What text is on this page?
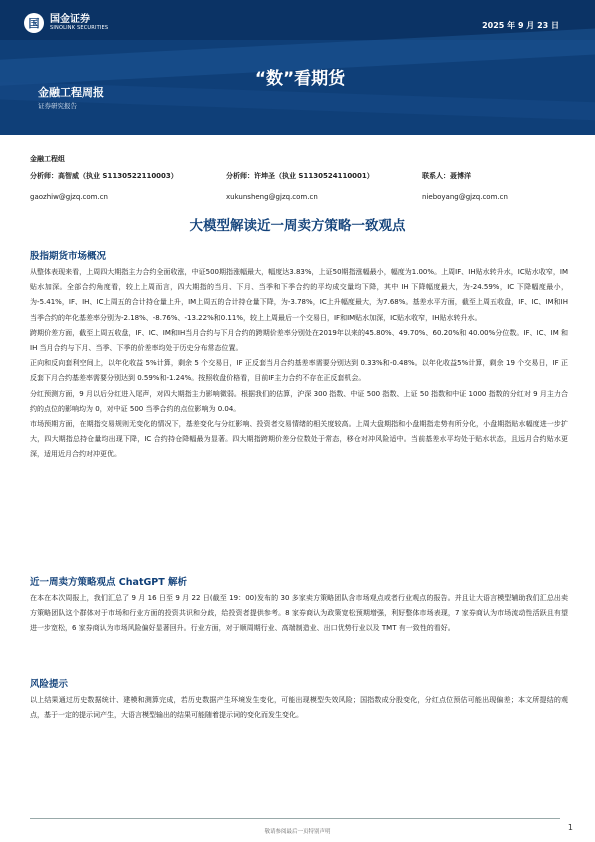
国	国金证券
SINOLINK SECURITIES	2025 年 9 月 23 日
“数”看期货
金融工程周报
证券研究报告
金融工程组
分析师：高智威（执业 S1130522110003）	分析师：许坤圣（执业 S1130524110001）	联系人：聂博洋
gaozhiw@gjzq.com.cn	xukunsheng@gjzq.com.cn	nieboyang@gjzq.com.cn
大模型解读近一周卖方策略一致观点
股指期货市场概况

从整体表现来看，上周四大期指主力合约全面收涨，中证500期指涨幅最大，幅度达3.83%，上证50期指涨幅最小，幅度为1.00%。上周IF、IH贴水转升水，IC贴水收窄，IM贴水加深。全部合约角度看，较上上周而言，四大期指的当月、下月、当季和下季合约的平均成交量均下降，其中 IH 下降幅度最大，为-24.59%，IC 下降幅度最小，为-5.41%，IF、IH、IC上周五的合计持仓量上升，IM上周五的合计持仓量下降，为-3.78%，IC上升幅度最大，为7.68%。基差水平方面，截至上周五收盘，IF、IC、IM和IH当季合约的年化基差率分别为-2.18%、-8.76%、-13.22%和0.11%，较上上周最后一个交易日，IF和IM贴水加深，IC贴水收窄，IH贴水转升水。

跨期价差方面，截至上周五收盘，IF、IC、IM和IH当月合约与下月合约的跨期价差率分别处在2019年以来的45.80%、49.70%、60.20%和 40.00%分位数。IF、IC、IM 和 IH 当月合约与下月、当季、下季的价差率均处于历史分布常态位置。

正向和反向套利空间上，以年化收益 5%计算，剩余 5 个交易日，IF 正反套当月合约基差率需要分别达到 0.33%和-0.48%。以年化收益5%计算，剩余 19 个交易日，IF 正反套下月合约基差率需要分别达到 0.59%和-1.24%。按照收盘价格看，目前IF主力合约不存在正反套机会。

分红预测方面，9 月以后分红进入尾声，对四大期指主力影响微弱。根据我们的估算，沪深 300 指数、中证 500 指数、上证 50 指数和中证 1000 指数的分红对 9 月主力合约的点位的影响均为 0，对中证 500 当季合约的点位影响为 0.04。

市场预期方面，在期指交易规则无变化的情况下，基差变化与分红影响、投资者交易情绪的相关度较高。上周大盘期指和小盘期指走势有所分化，小盘期指贴水幅度进一步扩大，四大期指总持仓量均出现下降，IC 合约持仓降幅最为显著。四大期指跨期价差分位数处于常态，移仓对冲风险适中。当前基差水平均处于贴水状态，且远月合约贴水更深，适用近月合约对冲更优。

近一周卖方策略观点 ChatGPT 解析

在本在本次周报上，我们汇总了 9 月 16 日至 9 月 22 日(截至 19：00)发布的 30 多家卖方策略团队含市场观点或者行业观点的报告。并且让大语言模型辅助我们汇总出卖方策略团队这个群体对于市场和行业方面的投资共识和分歧，给投资者提供参考。8 家券商认为政策宽松预期增强，利好整体市场表现，7 家券商认为市场流动性活跃且有望进一步宽松，6 家券商认为市场风险偏好显著回升。行业方面，对于顺周期行业、高端制造业、出口优势行业以及 TMT 有一致性的看好。

风险提示

以上结果通过历史数据统计、建模和测算完成，若历史数据产生环境发生变化，可能出现模型失效风险；国指数成分股变化，分红点位预估可能出现偏差；本文所提结的观点，基于一定的提示词产生，大语言模型输出的结果可能随着提示词的变化而发生变化。

敬请参阅最后一页特别声明	1
